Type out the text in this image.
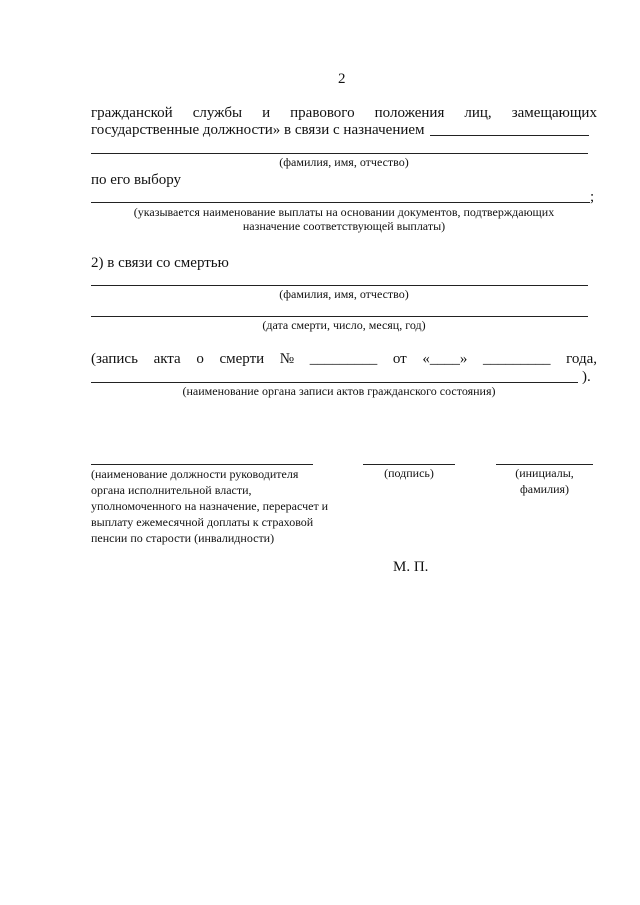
2
гражданской службы и правового положения лиц, замещающих
государственные должности» в связи с назначением
(фамилия, имя, отчество)
по его выбору
;
(указывается наименование выплаты на основании документов, подтверждающих
назначение соответствующей выплаты)
2) в связи со смертью
(фамилия, имя, отчество)
(дата смерти, число, месяц, год)
(запись акта о смерти № _________ от «____» _________ года,
).
(наименование органа записи актов гражданского состояния)
(наименование должности руководителя
органа исполнительной власти,
уполномоченного на назначение, перерасчет и
выплату ежемесячной доплаты к страховой
пенсии по старости (инвалидности)
(подпись)	(инициалы,
фамилия)
М. П.
